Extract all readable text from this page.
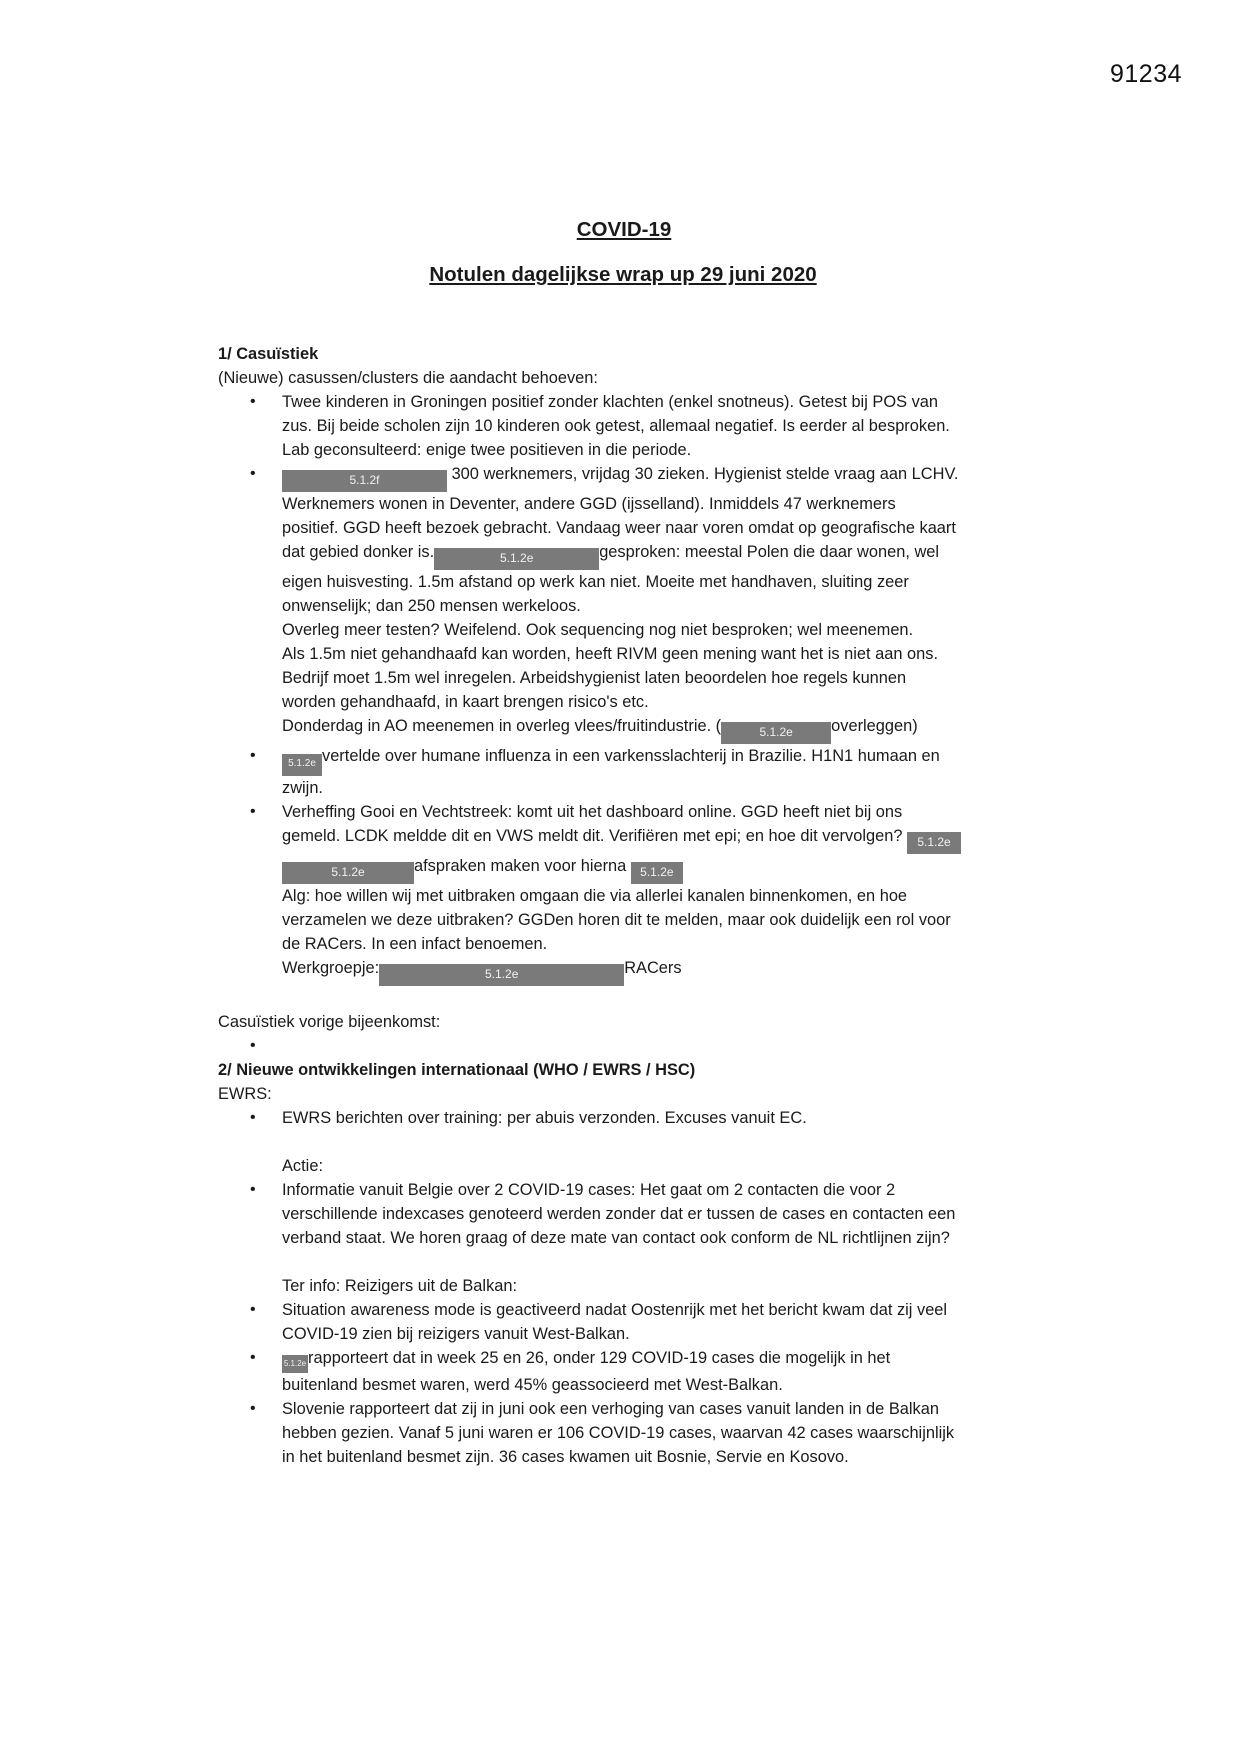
91234
COVID-19
Notulen dagelijkse wrap up 29 juni 2020
1/ Casuïstiek
(Nieuwe) casussen/clusters die aandacht behoeven:
• Twee kinderen in Groningen positief zonder klachten (enkel snotneus). Getest bij POS van
zus. Bij beide scholen zijn 10 kinderen ook getest, allemaal negatief. Is eerder al besproken.
Lab geconsulteerd: enige twee positieven in die periode.
• 5.1.2f	300 werknemers, vrijdag 30 zieken. Hygienist stelde vraag aan LCHV.
Werknemers wonen in Deventer, andere GGD (ijsselland). Inmiddels 47 werknemers
positief. GGD heeft bezoek gebracht. Vandaag weer naar voren omdat op geografische kaart
dat gebied donker is.	5.1.2e	gesproken: meestal Polen die daar wonen, wel
eigen huisvesting. 1.5m afstand op werk kan niet. Moeite met handhaven, sluiting zeer
onwenselijk; dan 250 mensen werkeloos.
Overleg meer testen? Weifelend. Ook sequencing nog niet besproken; wel meenemen.
Als 1.5m niet gehandhaafd kan worden, heeft RIVM geen mening want het is niet aan ons.
Bedrijf moet 1.5m wel inregelen. Arbeidshygienist laten beoordelen hoe regels kunnen
worden gehandhaafd, in kaart brengen risico's etc.
Donderdag in AO meenemen in overleg vlees/fruitindustrie. (	5.1.2e overleggen)
• 5.1.2e vertelde over humane influenza in een varkensslachterij in Brazilie. H1N1 humaan en
zwijn.
• Verheffing Gooi en Vechtstreek: komt uit het dashboard online. GGD heeft niet bij ons
gemeld. LCDK meldde dit en VWS meldt dit. Verifiëren met epi; en hoe dit vervolgen? 5.1.2e
5.1.2e	afspraken maken voor hierna 5.1.2e
Alg: hoe willen wij met uitbraken omgaan die via allerlei kanalen binnenkomen, en hoe
verzamelen we deze uitbraken? GGDen horen dit te melden, maar ook duidelijk een rol voor
de RACers. In een infact benoemen.
Werkgroepje:	5.1.2e	RACers
Casuïstiek vorige bijeenkomst:
•
2/ Nieuwe ontwikkelingen internationaal (WHO / EWRS / HSC)
EWRS:
• EWRS berichten over training: per abuis verzonden. Excuses vanuit EC.
Actie:
• Informatie vanuit Belgie over 2 COVID-19 cases: Het gaat om 2 contacten die voor 2
verschillende indexcases genoteerd werden zonder dat er tussen de cases en contacten een
verband staat. We horen graag of deze mate van contact ook conform de NL richtlijnen zijn?
Ter info: Reizigers uit de Balkan:
• Situation awareness mode is geactiveerd nadat Oostenrijk met het bericht kwam dat zij veel
COVID-19 zien bij reizigers vanuit West-Balkan.
• 5.1.2e rapporteert dat in week 25 en 26, onder 129 COVID-19 cases die mogelijk in het
buitenland besmet waren, werd 45% geassocieerd met West-Balkan.
• Slovenie rapporteert dat zij in juni ook een verhoging van cases vanuit landen in de Balkan
hebben gezien. Vanaf 5 juni waren er 106 COVID-19 cases, waarvan 42 cases waarschijnlijk
in het buitenland besmet zijn. 36 cases kwamen uit Bosnie, Servie en Kosovo.
